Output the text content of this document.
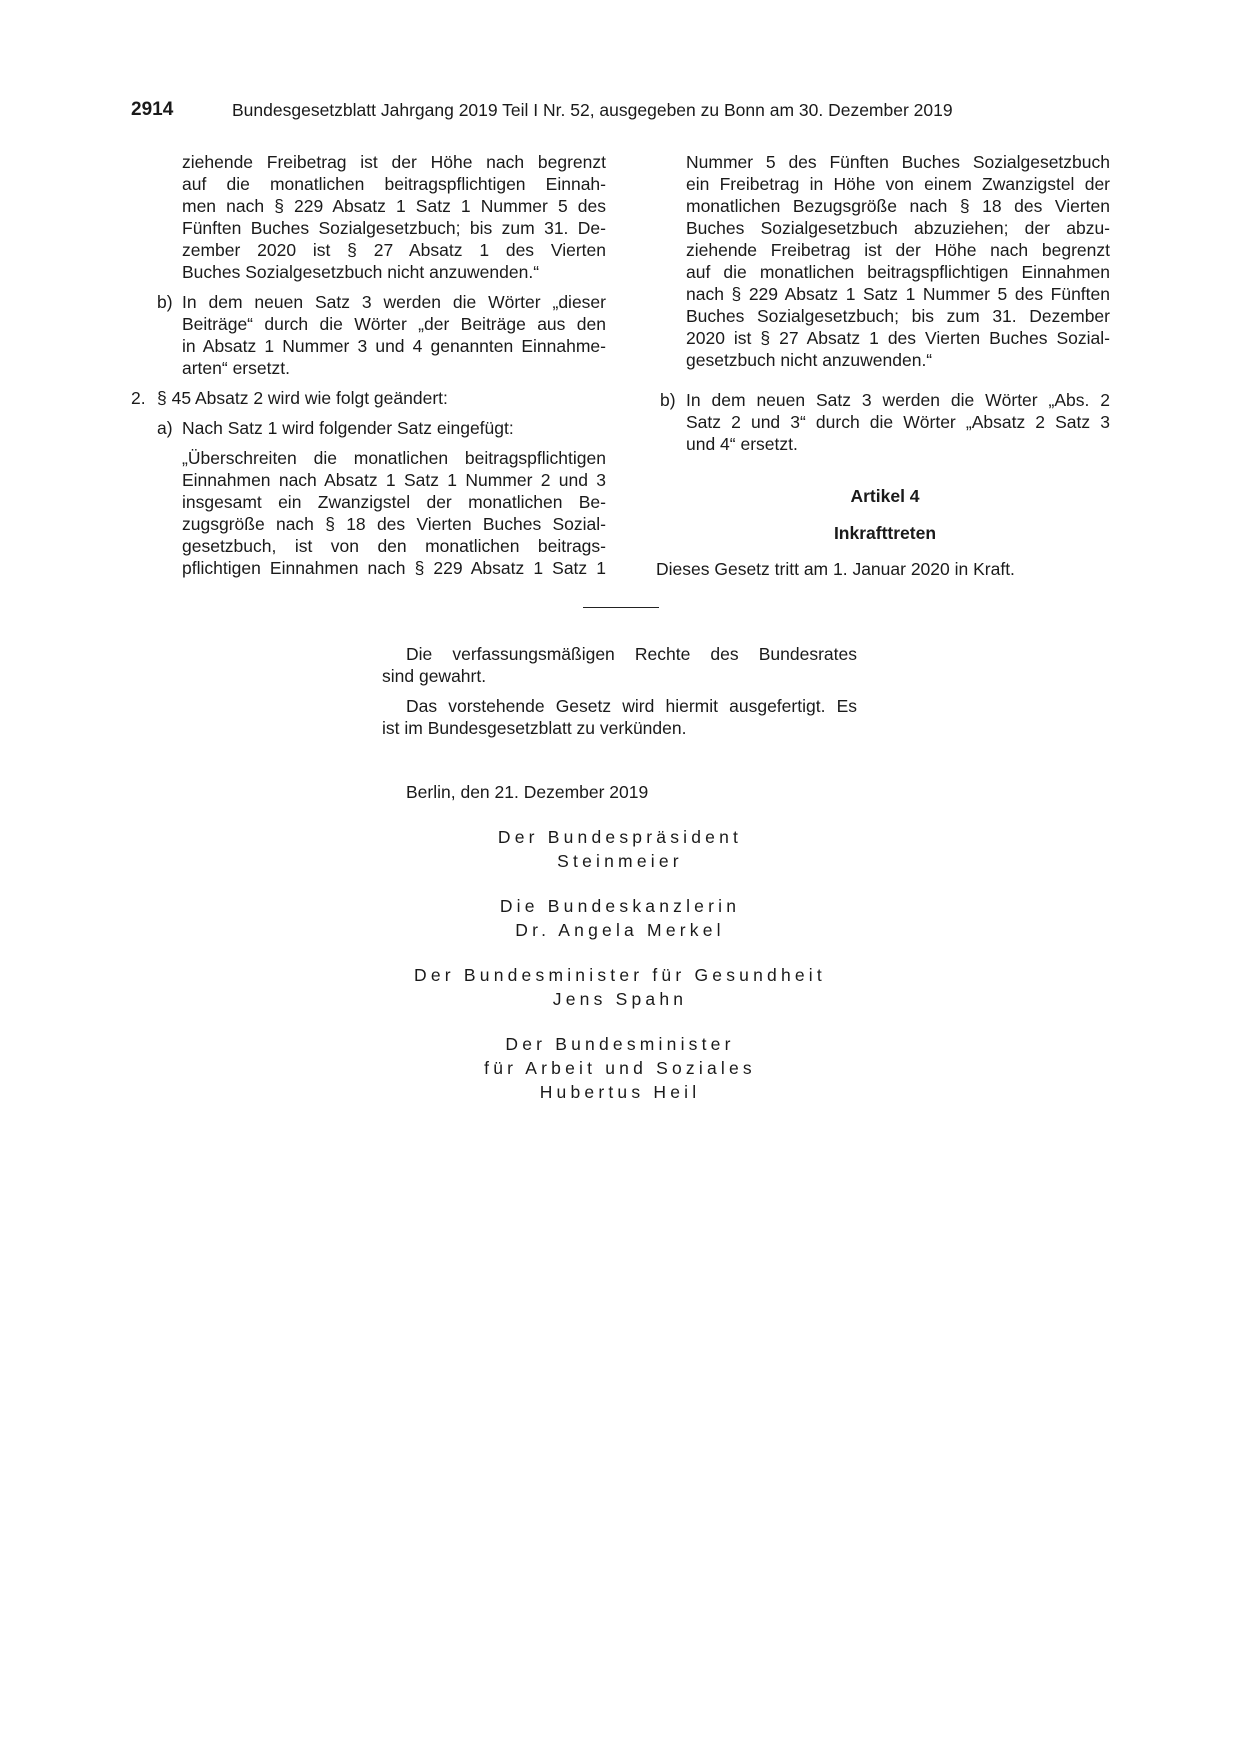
2914	Bundesgesetzblatt Jahrgang 2019 Teil I Nr. 52, ausgegeben zu Bonn am 30. Dezember 2019
ziehende Freibetrag ist der Höhe nach begrenzt
auf die monatlichen beitragspflichtigen Einnah-
men nach § 229 Absatz 1 Satz 1 Nummer 5 des
Fünften Buches Sozialgesetzbuch; bis zum 31. De-
zember 2020 ist § 27 Absatz 1 des Vierten
Buches Sozialgesetzbuch nicht anzuwenden.“
b) In dem neuen Satz 3 werden die Wörter „dieser
Beiträge“ durch die Wörter „der Beiträge aus den
in Absatz 1 Nummer 3 und 4 genannten Einnahme-
arten“ ersetzt.
2. § 45 Absatz 2 wird wie folgt geändert:
a) Nach Satz 1 wird folgender Satz eingefügt:
„Überschreiten die monatlichen beitragspflichtigen
Einnahmen nach Absatz 1 Satz 1 Nummer 2 und 3
insgesamt ein Zwanzigstel der monatlichen Be-
zugsgröße nach § 18 des Vierten Buches Sozial-
gesetzbuch, ist von den monatlichen beitrags-
pflichtigen Einnahmen nach § 229 Absatz 1 Satz 1
Nummer 5 des Fünften Buches Sozialgesetzbuch
ein Freibetrag in Höhe von einem Zwanzigstel der
monatlichen Bezugsgröße nach § 18 des Vierten
Buches Sozialgesetzbuch abzuziehen; der abzu-
ziehende Freibetrag ist der Höhe nach begrenzt
auf die monatlichen beitragspflichtigen Einnahmen
nach § 229 Absatz 1 Satz 1 Nummer 5 des Fünften
Buches Sozialgesetzbuch; bis zum 31. Dezember
2020 ist § 27 Absatz 1 des Vierten Buches Sozial-
gesetzbuch nicht anzuwenden.“
b) In dem neuen Satz 3 werden die Wörter „Abs. 2
Satz 2 und 3“ durch die Wörter „Absatz 2 Satz 3
und 4“ ersetzt.
Artikel 4
Inkrafttreten
Dieses Gesetz tritt am 1. Januar 2020 in Kraft.
Die verfassungsmäßigen Rechte des Bundesrates
sind gewahrt.
Das vorstehende Gesetz wird hiermit ausgefertigt. Es
ist im Bundesgesetzblatt zu verkünden.
Berlin, den 21. Dezember 2019
Der Bundespräsident
Steinmeier
Die Bundeskanzlerin
Dr. Angela Merkel
Der Bundesminister für Gesundheit
Jens Spahn
Der Bundesminister
für Arbeit und Soziales
Hubertus Heil
